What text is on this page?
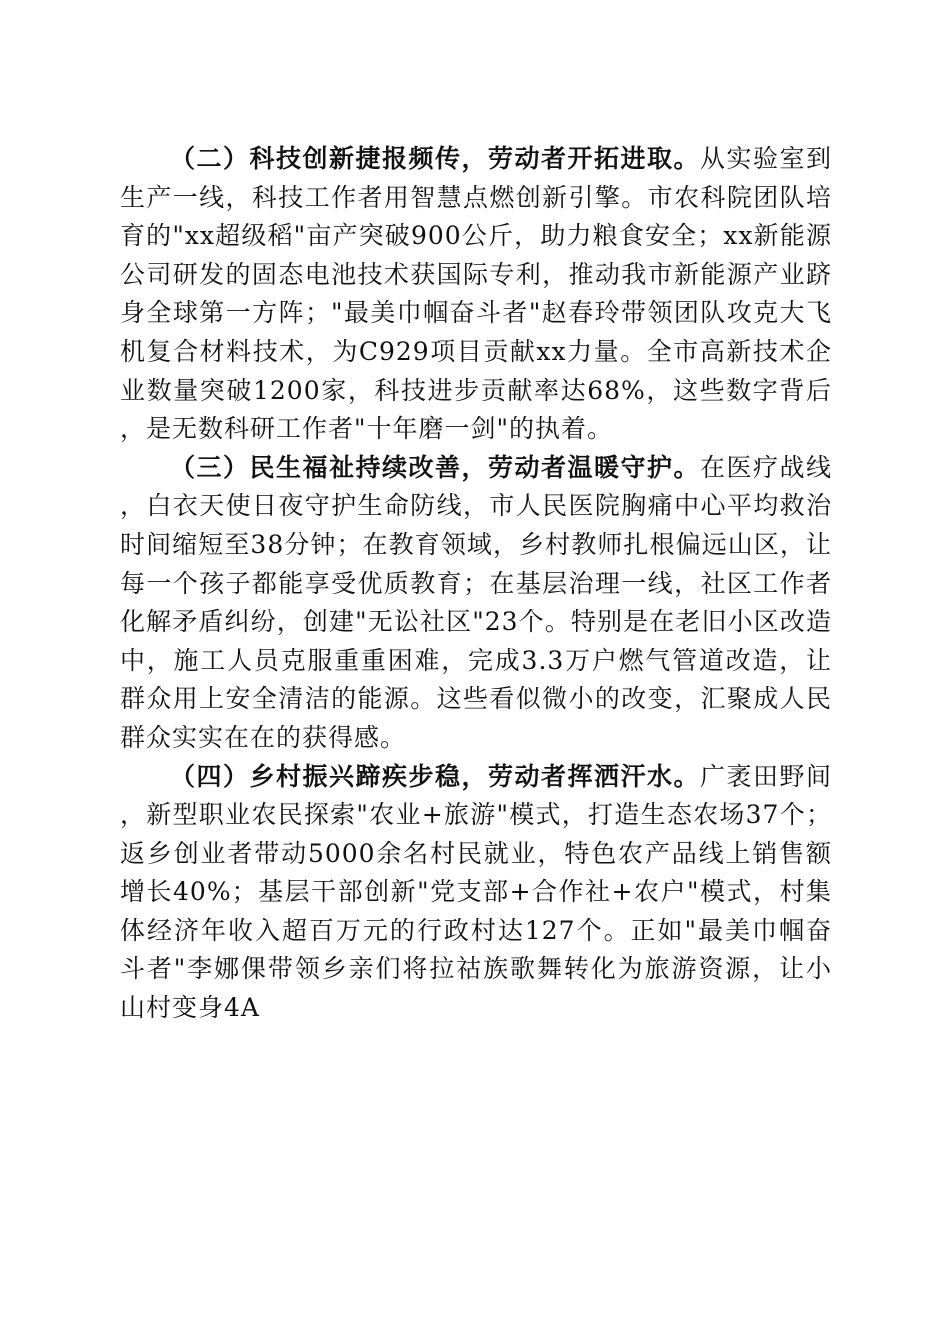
（二）科技创新捷报频传，劳动者开拓进取。从实验室到生产一线，科技工作者用智慧点燃创新引擎。市农科院团队培育的"xx超级稻"亩产突破900公斤，助力粮食安全；xx新能源公司研发的固态电池技术获国际专利，推动我市新能源产业跻身全球第一方阵；"最美巾帼奋斗者"赵春玲带领团队攻克大飞机复合材料技术，为C929项目贡献xx力量。全市高新技术企业数量突破1200家，科技进步贡献率达68%，这些数字背后，是无数科研工作者"十年磨一剑"的执着。

（三）民生福祉持续改善，劳动者温暖守护。在医疗战线，白衣天使日夜守护生命防线，市人民医院胸痛中心平均救治时间缩短至38分钟；在教育领域，乡村教师扎根偏远山区，让每一个孩子都能享受优质教育；在基层治理一线，社区工作者化解矛盾纠纷，创建"无讼社区"23个。特别是在老旧小区改造中，施工人员克服重重困难，完成3.3万户燃气管道改造，让群众用上安全清洁的能源。这些看似微小的改变，汇聚成人民群众实实在在的获得感。

（四）乡村振兴蹄疾步稳，劳动者挥洒汗水。广袤田野间，新型职业农民探索"农业+旅游"模式，打造生态农场37个；返乡创业者带动5000余名村民就业，特色农产品线上销售额增长40%；基层干部创新"党支部+合作社+农户"模式，村集体经济年收入超百万元的行政村达127个。正如"最美巾帼奋斗者"李娜倮带领乡亲们将拉祜族歌舞转化为旅游资源，让小山村变身4A
